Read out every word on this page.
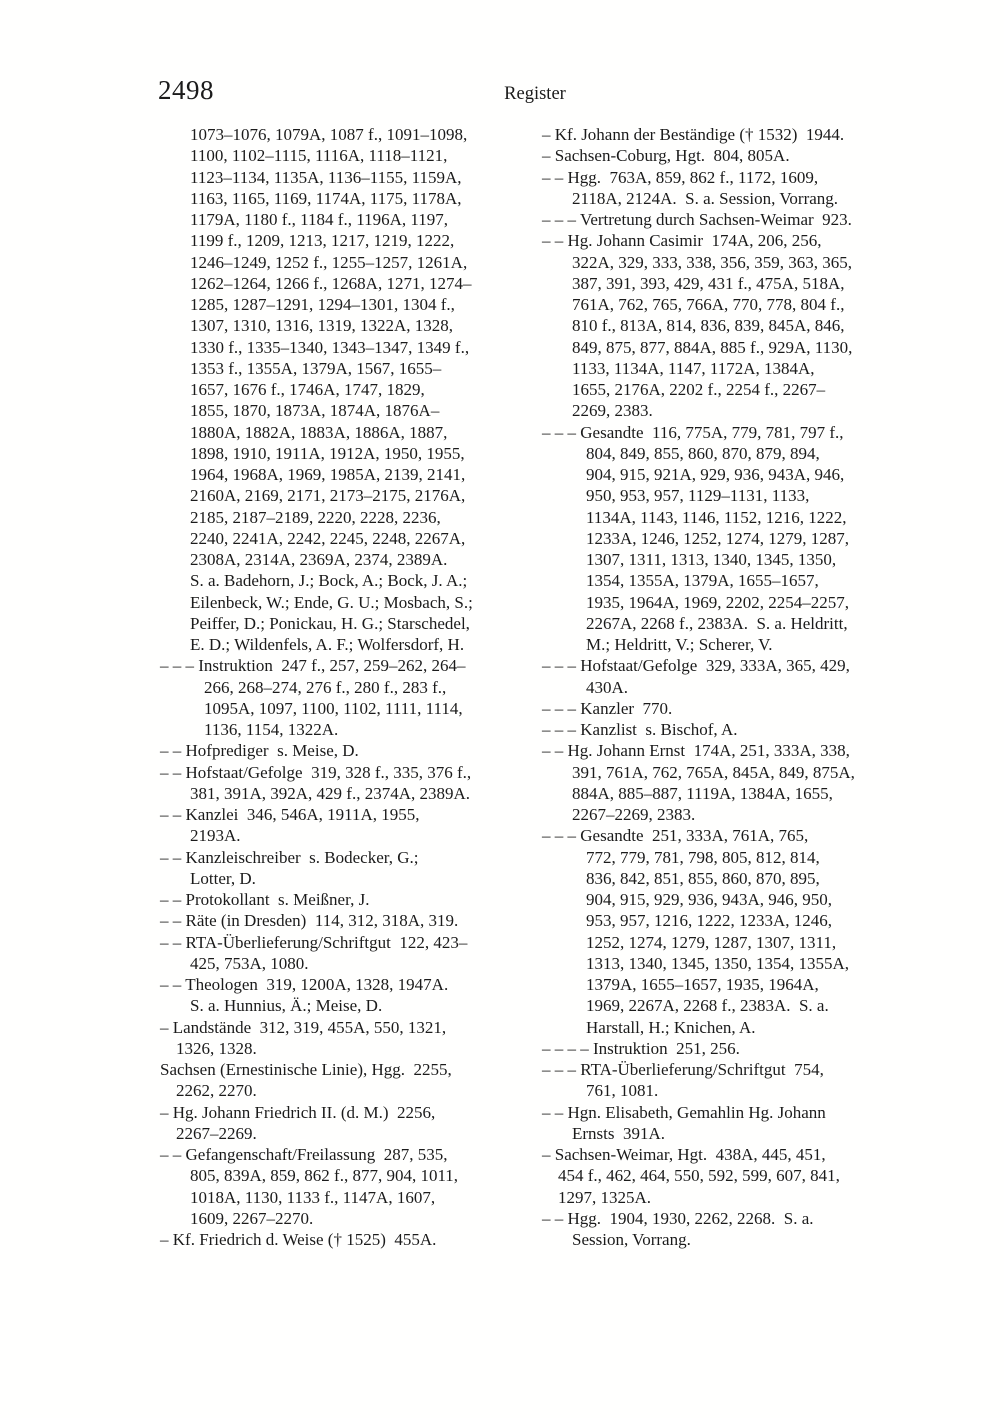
2498	Register
1073–1076, 1079A, 1087 f., 1091–1098,
1100, 1102–1115, 1116A, 1118–1121,
1123–1134, 1135A, 1136–1155, 1159A,
1163, 1165, 1169, 1174A, 1175, 1178A,
1179A, 1180 f., 1184 f., 1196A, 1197,
1199 f., 1209, 1213, 1217, 1219, 1222,
1246–1249, 1252 f., 1255–1257, 1261A,
1262–1264, 1266 f., 1268A, 1271, 1274–
1285, 1287–1291, 1294–1301, 1304 f.,
1307, 1310, 1316, 1319, 1322A, 1328,
1330 f., 1335–1340, 1343–1347, 1349 f.,
1353 f., 1355A, 1379A, 1567, 1655–
1657, 1676 f., 1746A, 1747, 1829,
1855, 1870, 1873A, 1874A, 1876A–
1880A, 1882A, 1883A, 1886A, 1887,
1898, 1910, 1911A, 1912A, 1950, 1955,
1964, 1968A, 1969, 1985A, 2139, 2141,
2160A, 2169, 2171, 2173–2175, 2176A,
2185, 2187–2189, 2220, 2228, 2236,
2240, 2241A, 2242, 2245, 2248, 2267A,
2308A, 2314A, 2369A, 2374, 2389A.
S. a. Badehorn, J.; Bock, A.; Bock, J. A.;
Eilenbeck, W.; Ende, G. U.; Mosbach, S.;
Peiffer, D.; Ponickau, H. G.; Starschedel,
E. D.; Wildenfels, A. F.; Wolfersdorf, H.
– – – Instruktion  247 f., 257, 259–262, 264–
266, 268–274, 276 f., 280 f., 283 f.,
1095A, 1097, 1100, 1102, 1111, 1114,
1136, 1154, 1322A.
– – Hofprediger  s. Meise, D.
– – Hofstaat/Gefolge  319, 328 f., 335, 376 f.,
381, 391A, 392A, 429 f., 2374A, 2389A.
– – Kanzlei  346, 546A, 1911A, 1955,
2193A.
– – Kanzleischreiber  s. Bodecker, G.;
Lotter, D.
– – Protokollant  s. Meißner, J.
– – Räte (in Dresden)  114, 312, 318A, 319.
– – RTA-Überlieferung/Schriftgut  122, 423–
425, 753A, 1080.
– – Theologen  319, 1200A, 1328, 1947A.
S. a. Hunnius, Ä.; Meise, D.
– Landstände  312, 319, 455A, 550, 1321,
1326, 1328.
Sachsen (Ernestinische Linie), Hgg.  2255,
2262, 2270.
– Hg. Johann Friedrich II. (d. M.)  2256,
2267–2269.
– – Gefangenschaft/Freilassung  287, 535,
805, 839A, 859, 862 f., 877, 904, 1011,
1018A, 1130, 1133 f., 1147A, 1607,
1609, 2267–2270.
– Kf. Friedrich d. Weise († 1525)  455A.
– Kf. Johann der Beständige († 1532)  1944.
– Sachsen-Coburg, Hgt.  804, 805A.
– – Hgg.  763A, 859, 862 f., 1172, 1609,
2118A, 2124A.  S. a. Session, Vorrang.
– – – Vertretung durch Sachsen-Weimar  923.
– – Hg. Johann Casimir  174A, 206, 256,
322A, 329, 333, 338, 356, 359, 363, 365,
387, 391, 393, 429, 431 f., 475A, 518A,
761A, 762, 765, 766A, 770, 778, 804 f.,
810 f., 813A, 814, 836, 839, 845A, 846,
849, 875, 877, 884A, 885 f., 929A, 1130,
1133, 1134A, 1147, 1172A, 1384A,
1655, 2176A, 2202 f., 2254 f., 2267–
2269, 2383.
– – – Gesandte  116, 775A, 779, 781, 797 f.,
804, 849, 855, 860, 870, 879, 894,
904, 915, 921A, 929, 936, 943A, 946,
950, 953, 957, 1129–1131, 1133,
1134A, 1143, 1146, 1152, 1216, 1222,
1233A, 1246, 1252, 1274, 1279, 1287,
1307, 1311, 1313, 1340, 1345, 1350,
1354, 1355A, 1379A, 1655–1657,
1935, 1964A, 1969, 2202, 2254–2257,
2267A, 2268 f., 2383A.  S. a. Heldritt,
M.; Heldritt, V.; Scherer, V.
– – – Hofstaat/Gefolge  329, 333A, 365, 429,
430A.
– – – Kanzler  770.
– – – Kanzlist  s. Bischof, A.
– – Hg. Johann Ernst  174A, 251, 333A, 338,
391, 761A, 762, 765A, 845A, 849, 875A,
884A, 885–887, 1119A, 1384A, 1655,
2267–2269, 2383.
– – – Gesandte  251, 333A, 761A, 765,
772, 779, 781, 798, 805, 812, 814,
836, 842, 851, 855, 860, 870, 895,
904, 915, 929, 936, 943A, 946, 950,
953, 957, 1216, 1222, 1233A, 1246,
1252, 1274, 1279, 1287, 1307, 1311,
1313, 1340, 1345, 1350, 1354, 1355A,
1379A, 1655–1657, 1935, 1964A,
1969, 2267A, 2268 f., 2383A.  S. a.
Harstall, H.; Knichen, A.
– – – – Instruktion  251, 256.
– – – RTA-Überlieferung/Schriftgut  754,
761, 1081.
– – Hgn. Elisabeth, Gemahlin Hg. Johann
Ernsts  391A.
– Sachsen-Weimar, Hgt.  438A, 445, 451,
454 f., 462, 464, 550, 592, 599, 607, 841,
1297, 1325A.
– – Hgg.  1904, 1930, 2262, 2268.  S. a.
Session, Vorrang.
